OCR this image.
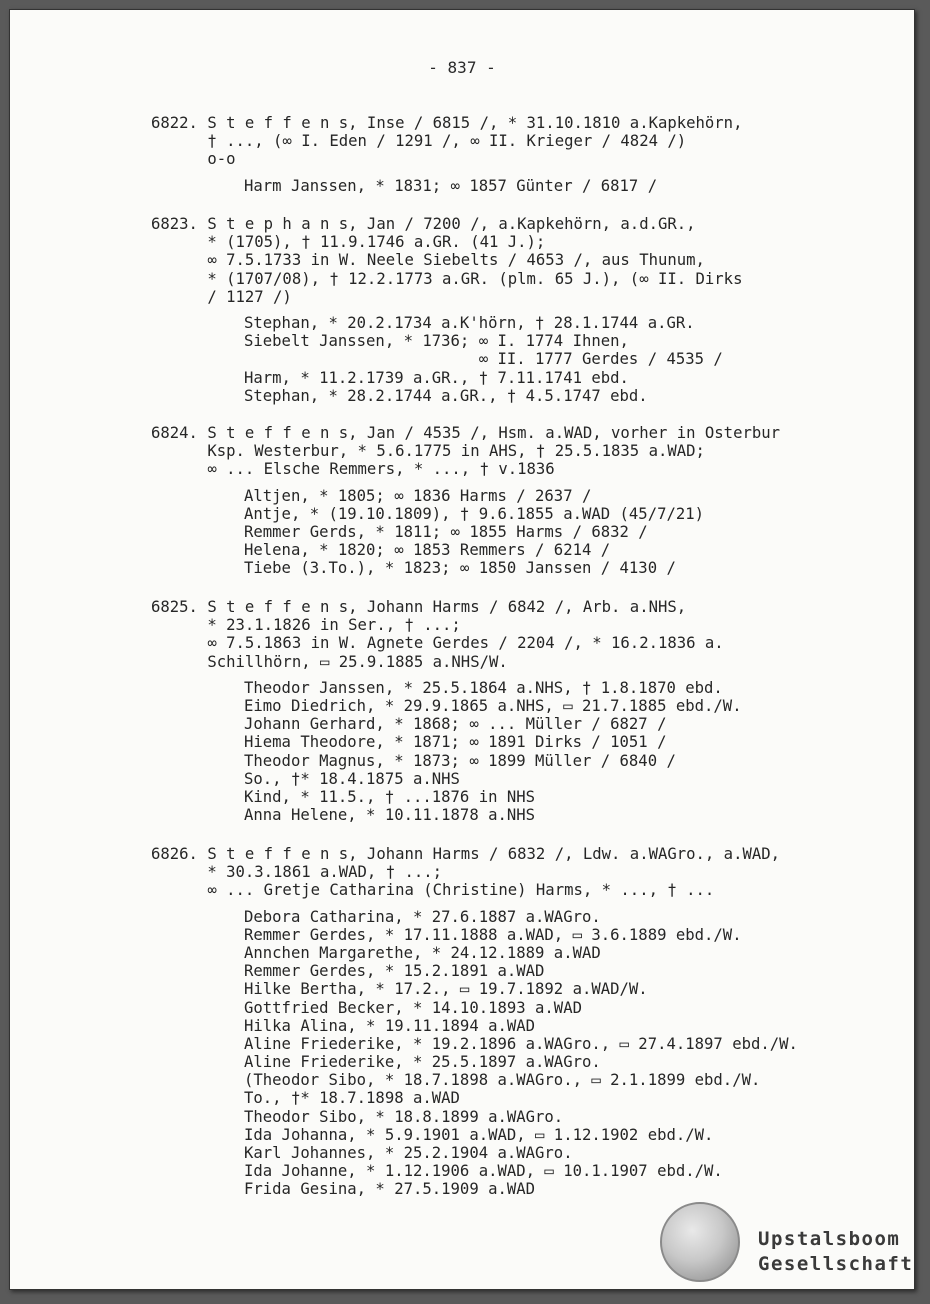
- 837 -
6822. S t e f f e n s, Inse / 6815 /, * 31.10.1810 a.Kapkehörn,
† ..., (∞ I. Eden / 1291 /, ∞ II. Krieger / 4824 /)
o-o
Harm Janssen, * 1831; ∞ 1857 Günter / 6817 /
6823. S t e p h a n s, Jan / 7200 /, a.Kapkehörn, a.d.GR.,
* (1705), † 11.9.1746 a.GR. (41 J.);
∞ 7.5.1733 in W. Neele Siebelts / 4653 /, aus Thunum,
* (1707/08), † 12.2.1773 a.GR. (plm. 65 J.), (∞ II. Dirks
/ 1127 /)
Stephan, * 20.2.1734 a.K'hörn, † 28.1.1744 a.GR.
Siebelt Janssen, * 1736; ∞ I. 1774 Ihnen,
∞ II. 1777 Gerdes / 4535 /
Harm, * 11.2.1739 a.GR., † 7.11.1741 ebd.
Stephan, * 28.2.1744 a.GR., † 4.5.1747 ebd.
6824. S t e f f e n s, Jan / 4535 /, Hsm. a.WAD, vorher in Osterbur
Ksp. Westerbur, * 5.6.1775 in AHS, † 25.5.1835 a.WAD;
∞ ... Elsche Remmers, * ..., † v.1836
Altjen, * 1805; ∞ 1836 Harms / 2637 /
Antje, * (19.10.1809), † 9.6.1855 a.WAD (45/7/21)
Remmer Gerds, * 1811; ∞ 1855 Harms / 6832 /
Helena, * 1820; ∞ 1853 Remmers / 6214 /
Tiebe (3.To.), * 1823; ∞ 1850 Janssen / 4130 /
6825. S t e f f e n s, Johann Harms / 6842 /, Arb. a.NHS,
* 23.1.1826 in Ser., † ...;
∞ 7.5.1863 in W. Agnete Gerdes / 2204 /, * 16.2.1836 a.
Schillhörn, ▭ 25.9.1885 a.NHS/W.
Theodor Janssen, * 25.5.1864 a.NHS, † 1.8.1870 ebd.
Eimo Diedrich, * 29.9.1865 a.NHS, ▭ 21.7.1885 ebd./W.
Johann Gerhard, * 1868; ∞ ... Müller / 6827 /
Hiema Theodore, * 1871; ∞ 1891 Dirks / 1051 /
Theodor Magnus, * 1873; ∞ 1899 Müller / 6840 /
So., †* 18.4.1875 a.NHS
Kind, * 11.5., † ...1876 in NHS
Anna Helene, * 10.11.1878 a.NHS
6826. S t e f f e n s, Johann Harms / 6832 /, Ldw. a.WAGro., a.WAD,
* 30.3.1861 a.WAD, † ...;
∞ ... Gretje Catharina (Christine) Harms, * ..., † ...
Debora Catharina, * 27.6.1887 a.WAGro.
Remmer Gerdes, * 17.11.1888 a.WAD, ▭ 3.6.1889 ebd./W.
Annchen Margarethe, * 24.12.1889 a.WAD
Remmer Gerdes, * 15.2.1891 a.WAD
Hilke Bertha, * 17.2., ▭ 19.7.1892 a.WAD/W.
Gottfried Becker, * 14.10.1893 a.WAD
Hilka Alina, * 19.11.1894 a.WAD
Aline Friederike, * 19.2.1896 a.WAGro., ▭ 27.4.1897 ebd./W.
Aline Friederike, * 25.5.1897 a.WAGro.
(Theodor Sibo, * 18.7.1898 a.WAGro., ▭ 2.1.1899 ebd./W.
To., †* 18.7.1898 a.WAD
Theodor Sibo, * 18.8.1899 a.WAGro.
Ida Johanna, * 5.9.1901 a.WAD, ▭ 1.12.1902 ebd./W.
Karl Johannes, * 25.2.1904 a.WAGro.
Ida Johanne, * 1.12.1906 a.WAD, ▭ 10.1.1907 ebd./W.
Frida Gesina, * 27.5.1909 a.WAD
Upstalsboom
Gesellschaft
